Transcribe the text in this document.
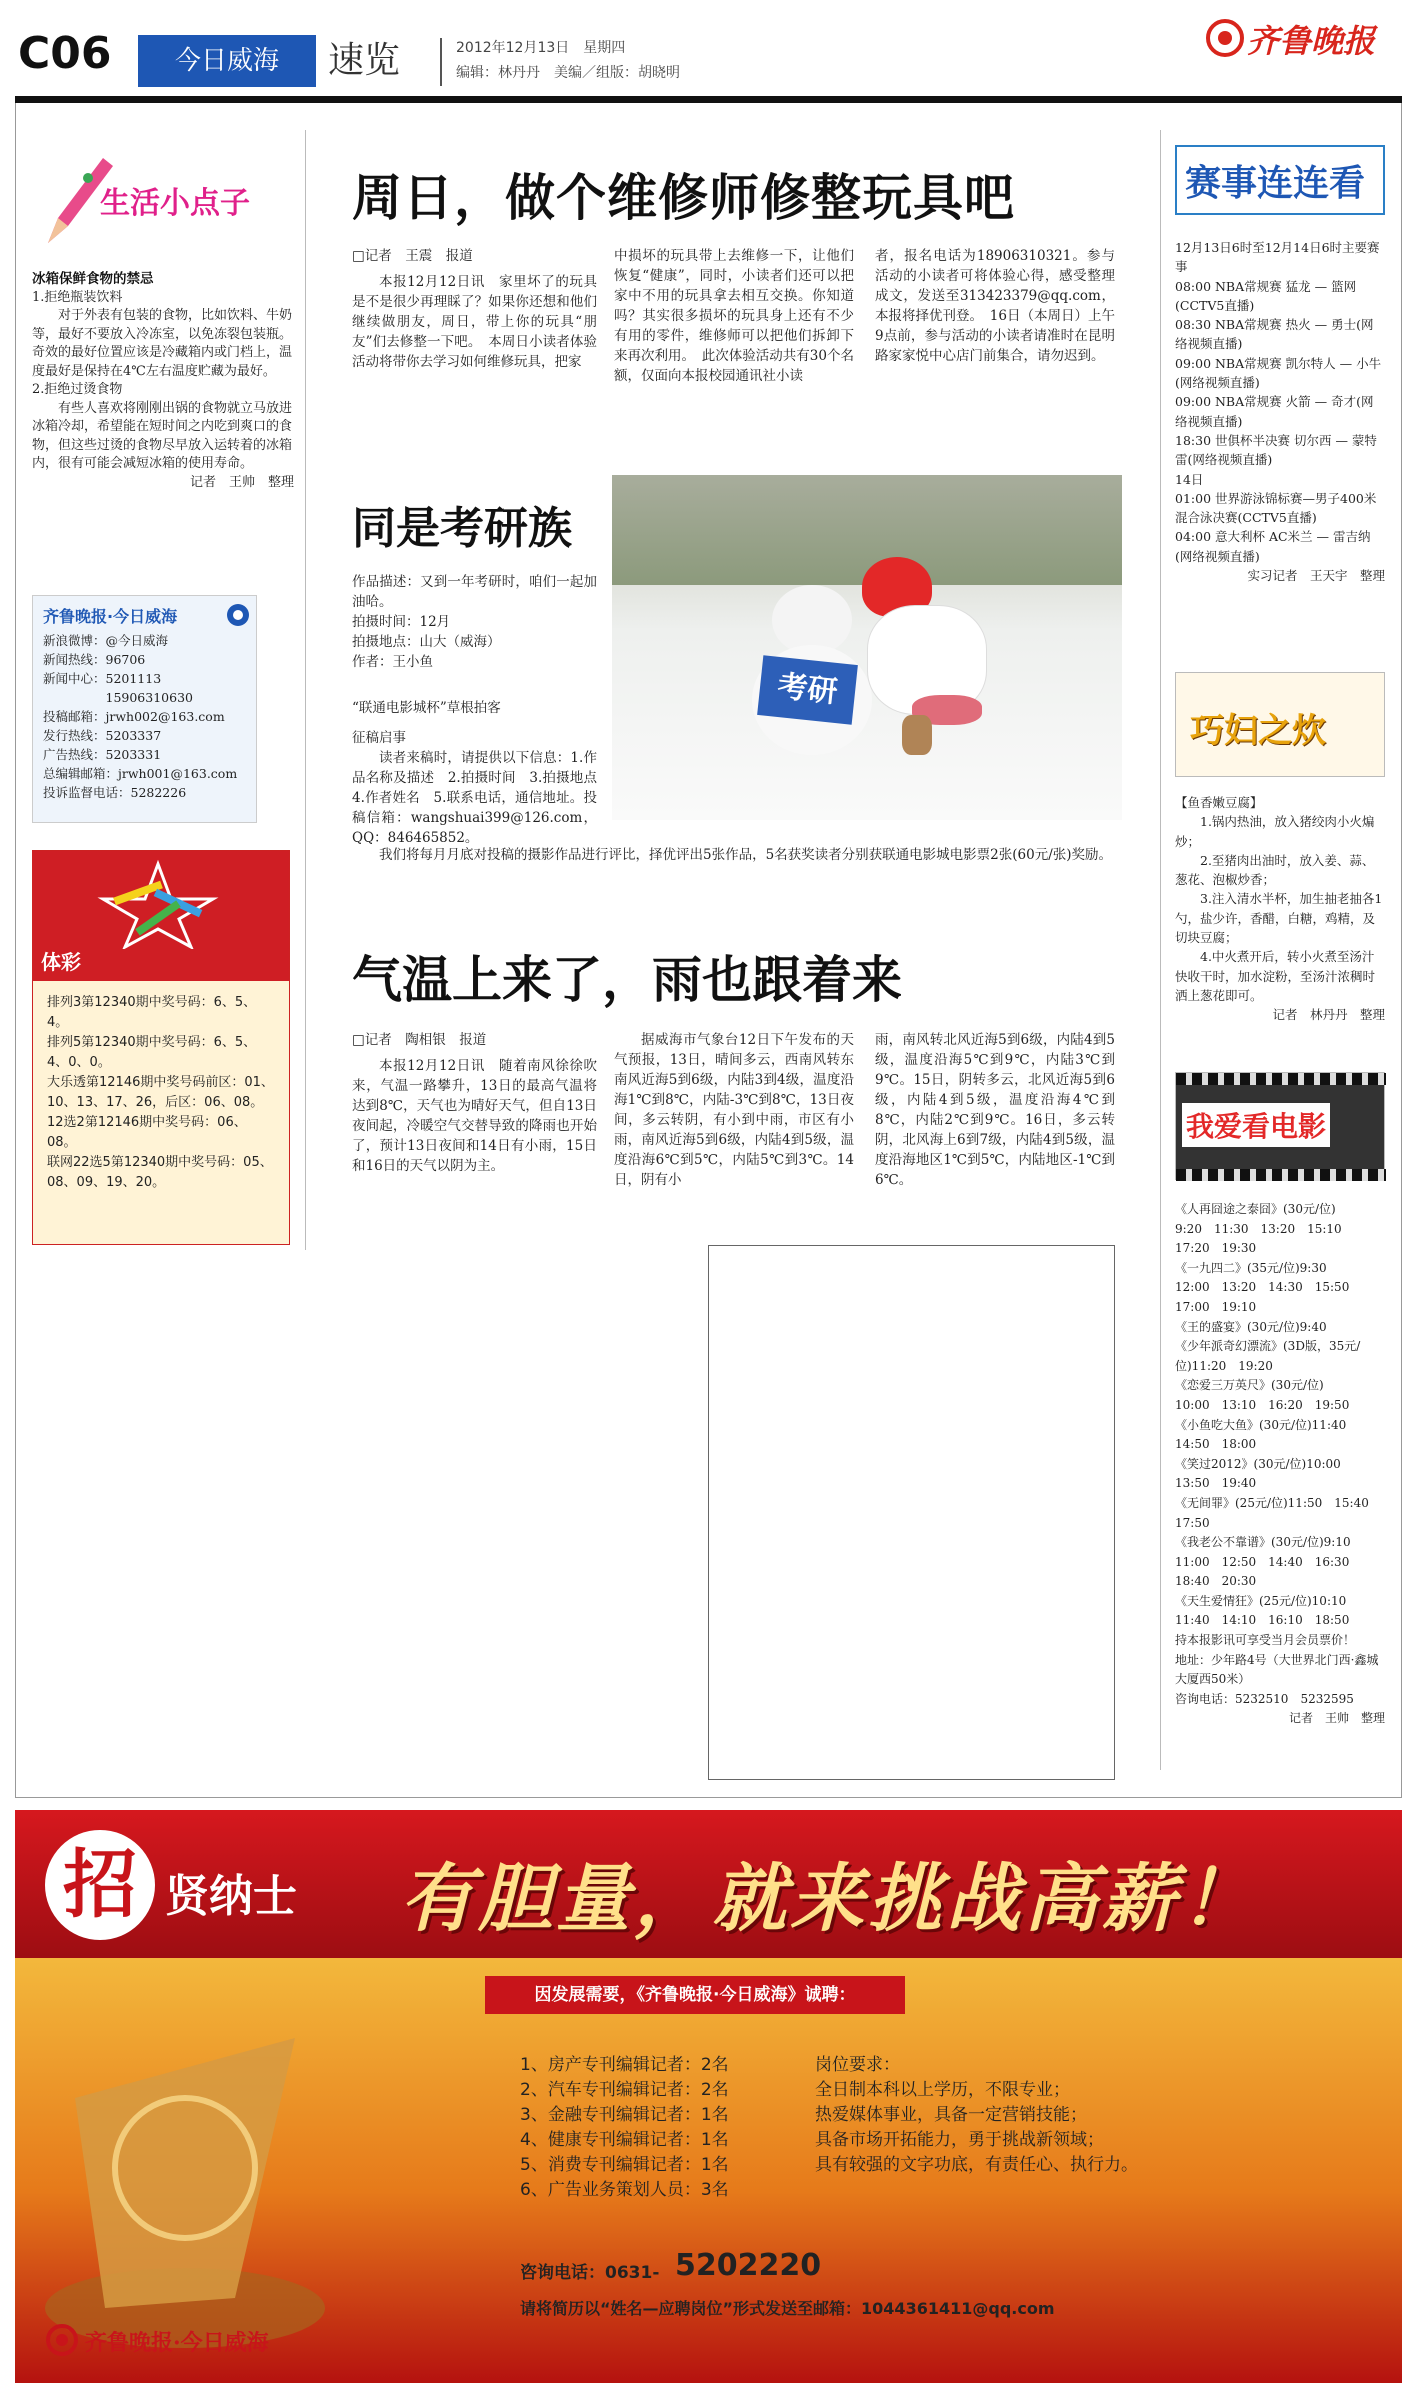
C06	今日威海	速览	2012年12月13日　星期四
编辑：林丹丹　美编／组版：胡晓明
齐鲁晚报
生活小点子
冰箱保鲜食物的禁忌
1.拒绝瓶装饮料
对于外表有包装的食物，比如饮料、牛奶等，最好不要放入冷冻室，以免冻裂包装瓶。奇效的最好位置应该是冷藏箱内或门档上，温度最好是保持在4℃左右温度贮藏为最好。
2.拒绝过烫食物
有些人喜欢将刚刚出锅的食物就立马放进冰箱冷却，希望能在短时间之内吃到爽口的食物，但这些过烫的食物尽早放入运转着的冰箱内，很有可能会减短冰箱的使用寿命。
记者　王帅　整理
齐鲁晚报·今日威海
新浪微博：@今日威海
新闻热线：96706
新闻中心：5201113
　　　　　15906310630
投稿邮箱：jrwh002@163.com
发行热线：5203337
广告热线：5203331
总编辑邮箱：jrwh001@163.com
投诉监督电话：5282226
体彩
排列3第12340期中奖号码：6、5、4。
排列5第12340期中奖号码：6、5、4、0、0。
大乐透第12146期中奖号码前区：01、10、13、17、26，后区：06、08。
12选2第12146期中奖号码：06、08。
联网22选5第12340期中奖号码：05、08、09、19、20。
周日，做个维修师修整玩具吧
□记者　王震　报道
本报12月12日讯　家里坏了的玩具是不是很少再理睬了？如果你还想和他们继续做朋友，周日，带上你的玩具“朋友”们去修整一下吧。　本周日小读者体验活动将带你去学习如何维修玩具，把家
中损坏的玩具带上去维修一下，让他们恢复“健康”，同时，小读者们还可以把家中不用的玩具拿去相互交换。你知道吗？其实很多损坏的玩具身上还有不少有用的零件，维修师可以把他们拆卸下来再次利用。　此次体验活动共有30个名额，仅面向本报校园通讯社小读
者，报名电话为18906310321。参与活动的小读者可将体验心得，感受整理成文，发送至313423379@qq.com，本报将择优刊登。　16日（本周日）上午9点前，参与活动的小读者请准时在昆明路家家悦中心店门前集合，请勿迟到。
同是考研族
作品描述：又到一年考研时，咱们一起加油哈。
拍摄时间：12月
拍摄地点：山大（威海）
作者：王小鱼
“联通电影城杯”草根拍客
征稿启事
读者来稿时，请提供以下信息：1.作品名称及描述　2.拍摄时间　3.拍摄地点　4.作者姓名　5.联系电话，通信地址。投稿信箱：wangshuai399@126.com，QQ：846465852。
考研
我们将每月月底对投稿的摄影作品进行评比，择优评出5张作品，5名获奖读者分别获联通电影城电影票2张(60元/张)奖励。
气温上来了，雨也跟着来
□记者　陶相银　报道
本报12月12日讯　随着南风徐徐吹来，气温一路攀升，13日的最高气温将达到8℃，天气也为晴好天气，但自13日夜间起，冷暖空气交替导致的降雨也开始了，预计13日夜间和14日有小雨，15日和16日的天气以阴为主。
据威海市气象台12日下午发布的天气预报，13日，晴间多云，西南风转东南风近海5到6级，内陆3到4级，温度沿海1℃到8℃，内陆-3℃到8℃，13日夜间，多云转阴，有小到中雨，市区有小雨，南风近海5到6级，内陆4到5级，温度沿海6℃到5℃，内陆5℃到3℃。14日，阴有小
雨，南风转北风近海5到6级，内陆4到5级，温度沿海5℃到9℃，内陆3℃到9℃。15日，阴转多云，北风近海5到6级，内陆4到5级，温度沿海4℃到8℃，内陆2℃到9℃。16日，多云转阴，北风海上6到7级，内陆4到5级，温度沿海地区1℃到5℃，内陆地区-1℃到6℃。
赛事连连看
12月13日6时至12月14日6时主要赛事
08:00 NBA常规赛 猛龙 — 篮网(CCTV5直播)
08:30 NBA常规赛 热火 — 勇士(网络视频直播)
09:00 NBA常规赛 凯尔特人 — 小牛(网络视频直播)
09:00 NBA常规赛 火箭 — 奇才(网络视频直播)
18:30 世俱杯半决赛 切尔西 — 蒙特雷(网络视频直播)
14日
01:00 世界游泳锦标赛—男子400米混合泳决赛(CCTV5直播)
04:00 意大利杯 AC米兰 — 雷吉纳(网络视频直播)
实习记者　王天宇　整理
巧妇之炊
【鱼香嫩豆腐】
1.锅内热油，放入猪绞肉小火煸炒；
2.至猪肉出油时，放入姜、蒜、葱花、泡椒炒香；
3.注入清水半杯，加生抽老抽各1勺，盐少许，香醋，白糖，鸡精，及切块豆腐；
4.中火煮开后，转小火煮至汤汁快收干时，加水淀粉，至汤汁浓稠时洒上葱花即可。
记者　林丹丹　整理
我爱看电影
《人再囧途之泰囧》(30元/位)
9:20　11:30　13:20　15:10　17:20　19:30
《一九四二》(35元/位)9:30
12:00　13:20　14:30　15:50　17:00　19:10
《王的盛宴》(30元/位)9:40
《少年派奇幻漂流》(3D版，35元/位)11:20　19:20
《恋爱三万英尺》(30元/位)
10:00　13:10　16:20　19:50
《小鱼吃大鱼》(30元/位)11:40
14:50　18:00
《笑过2012》(30元/位)10:00
13:50　19:40
《无间罪》(25元/位)11:50　15:40　17:50
《我老公不靠谱》(30元/位)9:10
11:00　12:50　14:40　16:30　18:40　20:30
《天生爱情狂》(25元/位)10:10
11:40　14:10　16:10　18:50
持本报影讯可享受当月会员票价！
地址：少年路4号（大世界北门西·鑫城大厦西50米）
咨询电话：5232510　5232595
记者　王帅　整理
招 贤纳士 有胆量，就来挑战高薪！
因发展需要，《齐鲁晚报·今日威海》诚聘：
1、房产专刊编辑记者：2名
2、汽车专刊编辑记者：2名
3、金融专刊编辑记者：1名
4、健康专刊编辑记者：1名
5、消费专刊编辑记者：1名
6、广告业务策划人员：3名
岗位要求：
全日制本科以上学历，不限专业；
热爱媒体事业，具备一定营销技能；
具备市场开拓能力，勇于挑战新领域；
具有较强的文字功底，有责任心、执行力。
咨询电话：0631- 5202220
请将简历以“姓名—应聘岗位”形式发送至邮箱：1044361411@qq.com
齐鲁晚报·今日威海
